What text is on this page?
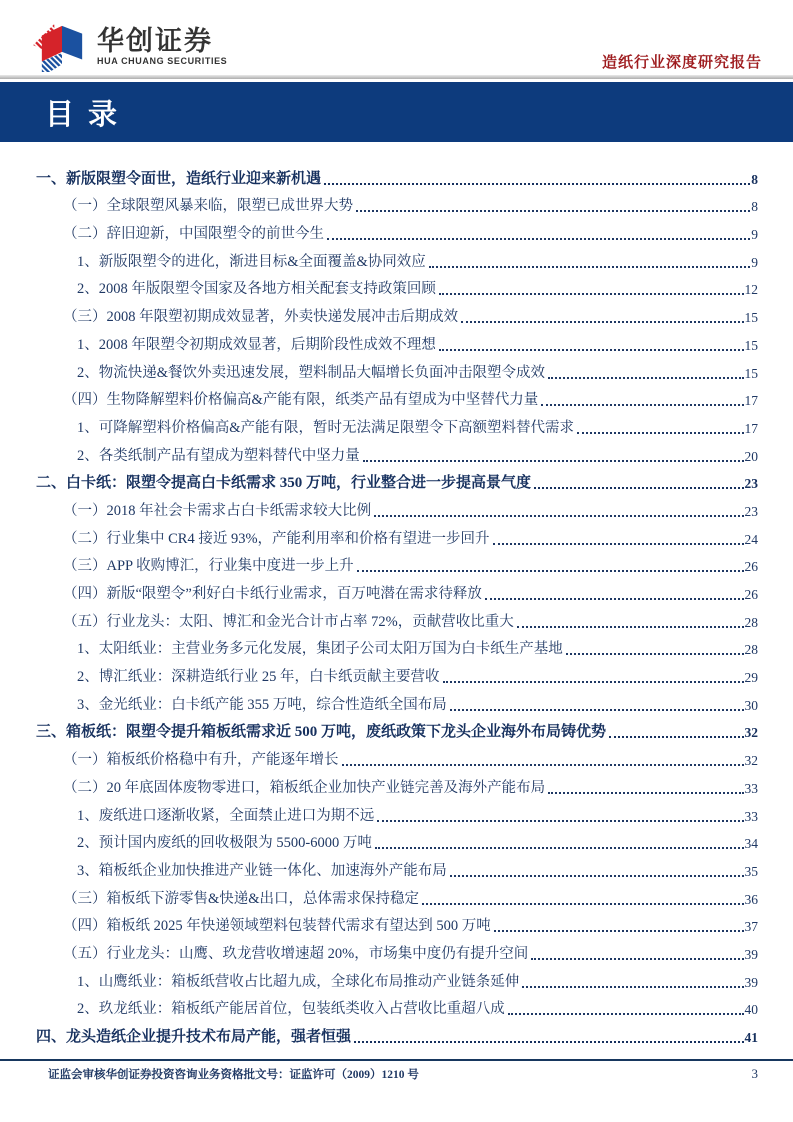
华创证券
HUA CHUANG SECURITIES	造纸行业深度研究报告
目 录
一、新版限塑令面世，造纸行业迎来新机遇	8
（一）全球限塑风暴来临，限塑已成世界大势	8
（二）辞旧迎新，中国限塑令的前世今生	9
1、新版限塑令的进化，渐进目标&全面覆盖&协同效应	9
2、2008 年版限塑令国家及各地方相关配套支持政策回顾	12
（三）2008 年限塑初期成效显著，外卖快递发展冲击后期成效	15
1、2008 年限塑令初期成效显著，后期阶段性成效不理想	15
2、物流快递&餐饮外卖迅速发展，塑料制品大幅增长负面冲击限塑令成效	15
（四）生物降解塑料价格偏高&产能有限，纸类产品有望成为中坚替代力量	17
1、可降解塑料价格偏高&产能有限，暂时无法满足限塑令下高额塑料替代需求	17
2、各类纸制产品有望成为塑料替代中坚力量	20
二、白卡纸：限塑令提高白卡纸需求 350 万吨，行业整合进一步提高景气度	23
（一）2018 年社会卡需求占白卡纸需求较大比例	23
（二）行业集中 CR4 接近 93%，产能利用率和价格有望进一步回升	24
（三）APP 收购博汇，行业集中度进一步上升	26
（四）新版“限塑令”利好白卡纸行业需求，百万吨潜在需求待释放	26
（五）行业龙头：太阳、博汇和金光合计市占率 72%，贡献营收比重大	28
1、太阳纸业：主营业务多元化发展，集团子公司太阳万国为白卡纸生产基地	28
2、博汇纸业：深耕造纸行业 25 年，白卡纸贡献主要营收	29
3、金光纸业：白卡纸产能 355 万吨，综合性造纸全国布局	30
三、箱板纸：限塑令提升箱板纸需求近 500 万吨，废纸政策下龙头企业海外布局铸优势	32
（一）箱板纸价格稳中有升，产能逐年增长	32
（二）20 年底固体废物零进口，箱板纸企业加快产业链完善及海外产能布局	33
1、废纸进口逐渐收紧，全面禁止进口为期不远	33
2、预计国内废纸的回收极限为 5500-6000 万吨	34
3、箱板纸企业加快推进产业链一体化、加速海外产能布局	35
（三）箱板纸下游零售&快递&出口，总体需求保持稳定	36
（四）箱板纸 2025 年快递领域塑料包装替代需求有望达到 500 万吨	37
（五）行业龙头：山鹰、玖龙营收增速超 20%，市场集中度仍有提升空间	39
1、山鹰纸业：箱板纸营收占比超九成，全球化布局推动产业链条延伸	39
2、玖龙纸业：箱板纸产能居首位，包装纸类收入占营收比重超八成	40
四、龙头造纸企业提升技术布局产能，强者恒强	41
证监会审核华创证券投资咨询业务资格批文号：证监许可（2009）1210 号	3
